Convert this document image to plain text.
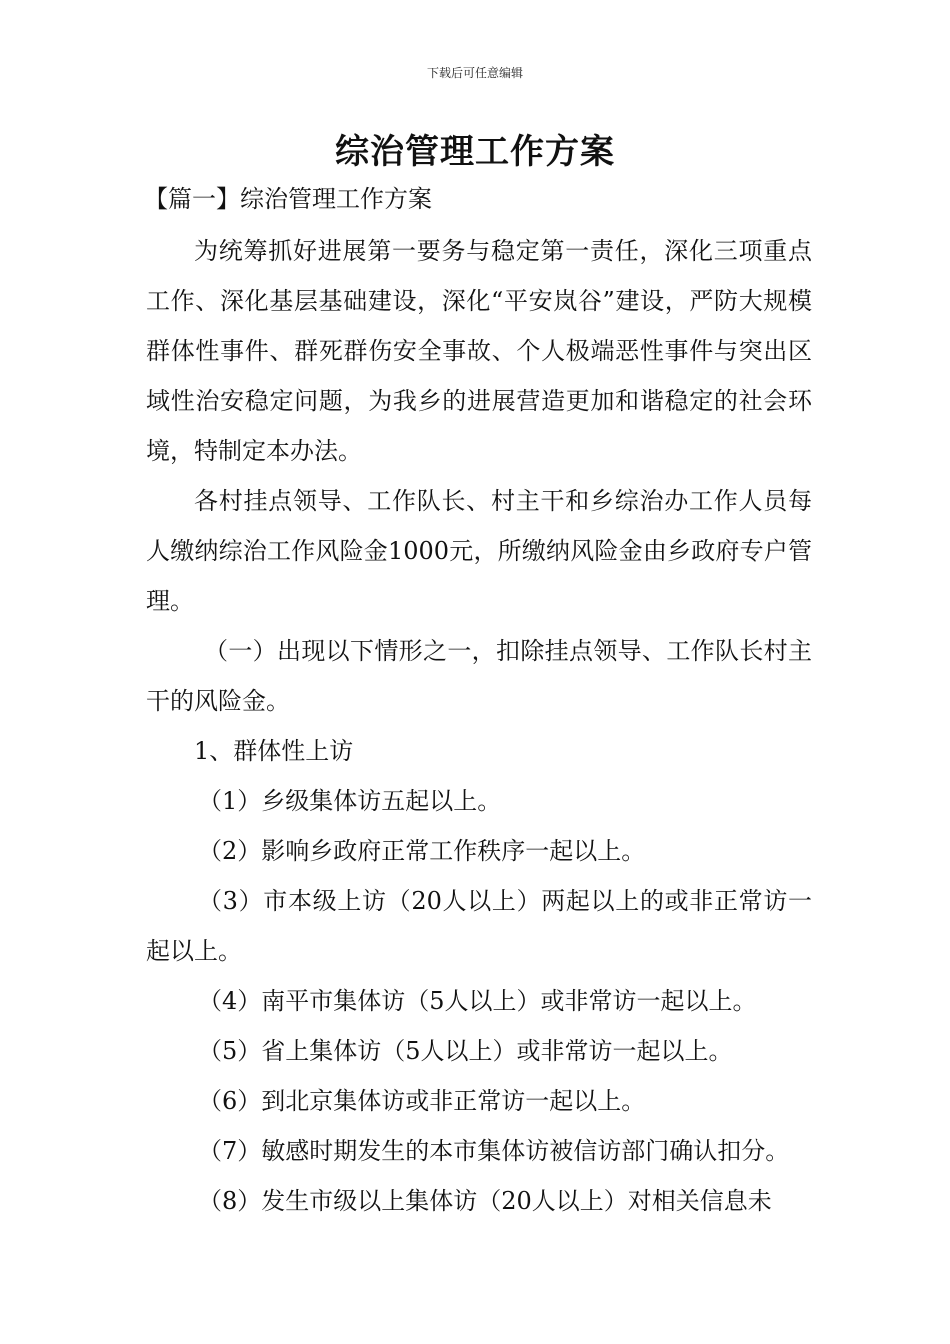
下载后可任意编辑
综治管理工作方案
【篇一】综治管理工作方案

为统筹抓好进展第一要务与稳定第一责任，深化三项重点工作、深化基层基础建设，深化“平安岚谷”建设，严防大规模群体性事件、群死群伤安全事故、个人极端恶性事件与突出区域性治安稳定问题，为我乡的进展营造更加和谐稳定的社会环境，特制定本办法。

各村挂点领导、工作队长、村主干和乡综治办工作人员每人缴纳综治工作风险金1000元，所缴纳风险金由乡政府专户管理。

（一）出现以下情形之一，扣除挂点领导、工作队长村主干的风险金。

1、群体性上访

（1）乡级集体访五起以上。

（2）影响乡政府正常工作秩序一起以上。

（3）市本级上访（20人以上）两起以上的或非正常访一起以上。

（4）南平市集体访（5人以上）或非常访一起以上。

（5）省上集体访（5人以上）或非常访一起以上。

（6）到北京集体访或非正常访一起以上。

（7）敏感时期发生的本市集体访被信访部门确认扣分。

（8）发生市级以上集体访（20人以上）对相关信息未
